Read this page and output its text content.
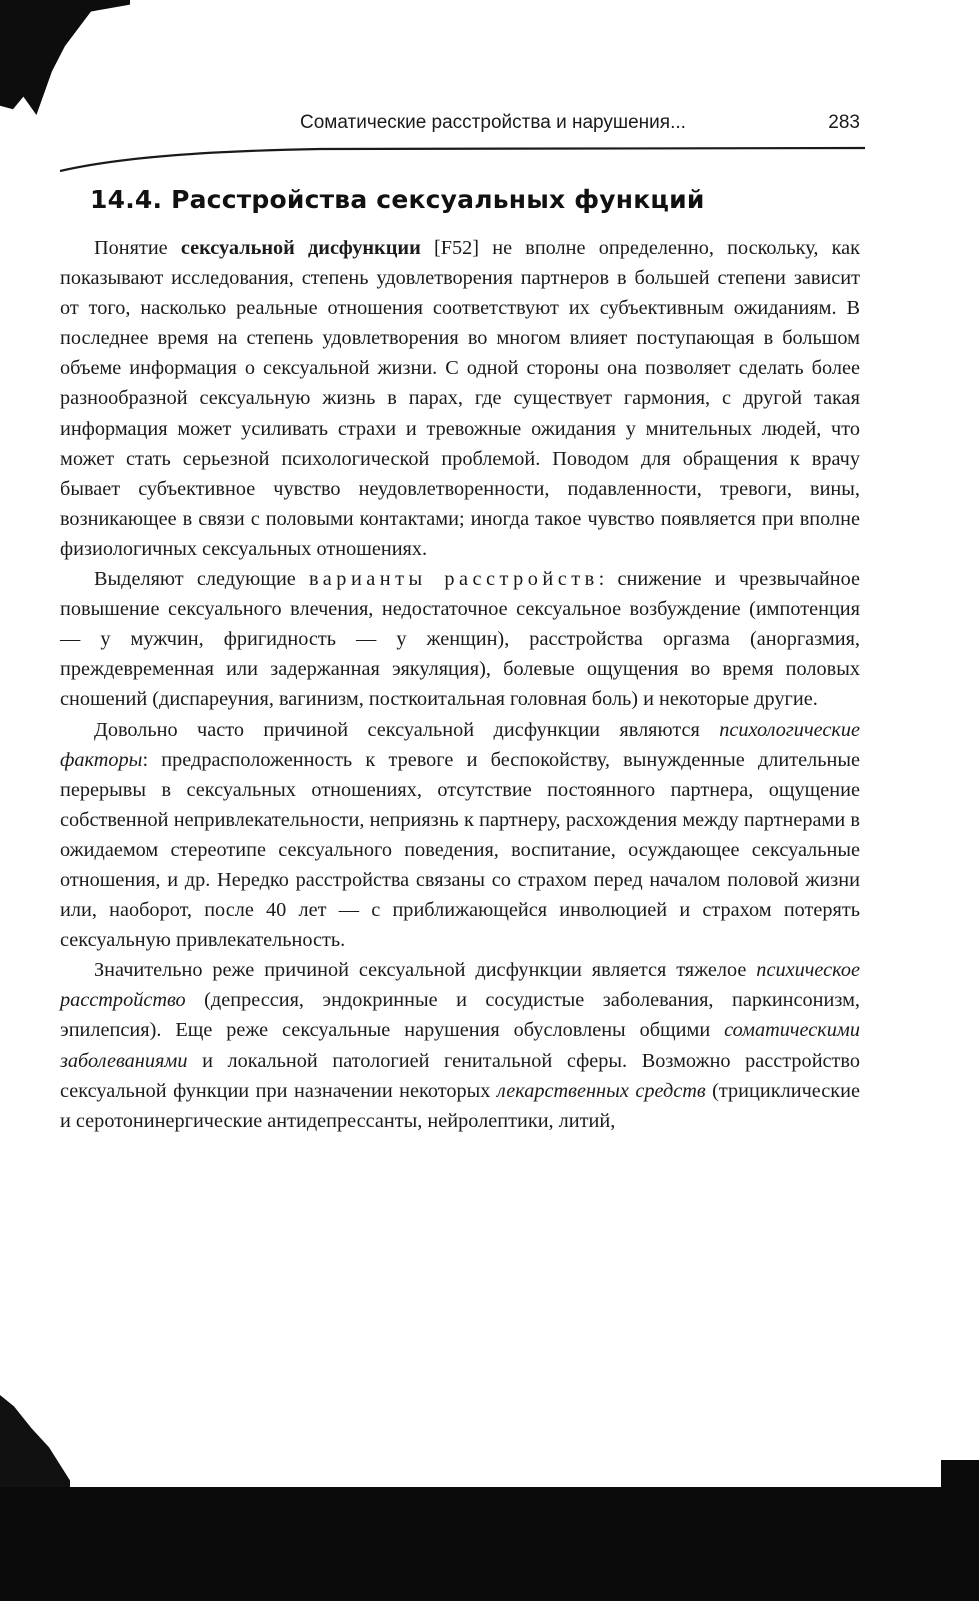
Соматические расстройства и нарушения...	283
14.4. Расстройства сексуальных функций

Понятие сексуальной дисфункции [F52] не вполне определенно, поскольку, как показывают исследования, степень удовлетворения партнеров в большей степени зависит от того, насколько реальные отношения соответствуют их субъективным ожиданиям. В последнее время на степень удовлетворения во многом влияет поступающая в большом объеме информация о сексуальной жизни. С одной стороны она позволяет сделать более разнообразной сексуальную жизнь в парах, где существует гармония, с другой такая информация может усиливать страхи и тревожные ожидания у мнительных людей, что может стать серьезной психологической проблемой. Поводом для обращения к врачу бывает субъективное чувство неудовлетворенности, подавленности, тревоги, вины, возникающее в связи с половыми контактами; иногда такое чувство появляется при вполне физиологичных сексуальных отношениях.

Выделяют следующие варианты расстройств: снижение и чрезвычайное повышение сексуального влечения, недостаточное сексуальное возбуждение (импотенция — у мужчин, фригидность — у женщин), расстройства оргазма (аноргазмия, преждевременная или задержанная эякуляция), болевые ощущения во время половых сношений (диспареуния, вагинизм, посткоитальная головная боль) и некоторые другие.

Довольно часто причиной сексуальной дисфункции являются психологические факторы: предрасположенность к тревоге и беспокойству, вынужденные длительные перерывы в сексуальных отношениях, отсутствие постоянного партнера, ощущение собственной непривлекательности, неприязнь к партнеру, расхождения между партнерами в ожидаемом стереотипе сексуального поведения, воспитание, осуждающее сексуальные отношения, и др. Нередко расстройства связаны со страхом перед началом половой жизни или, наоборот, после 40 лет — с приближающейся инволюцией и страхом потерять сексуальную привлекательность.

Значительно реже причиной сексуальной дисфункции является тяжелое психическое расстройство (депрессия, эндокринные и сосудистые заболевания, паркинсонизм, эпилепсия). Еще реже сексуальные нарушения обусловлены общими соматическими заболеваниями и локальной патологией генитальной сферы. Возможно расстройство сексуальной функции при назначении некоторых лекарственных средств (трициклические и серотонинергические антидепрессанты, нейролептики, литий,
